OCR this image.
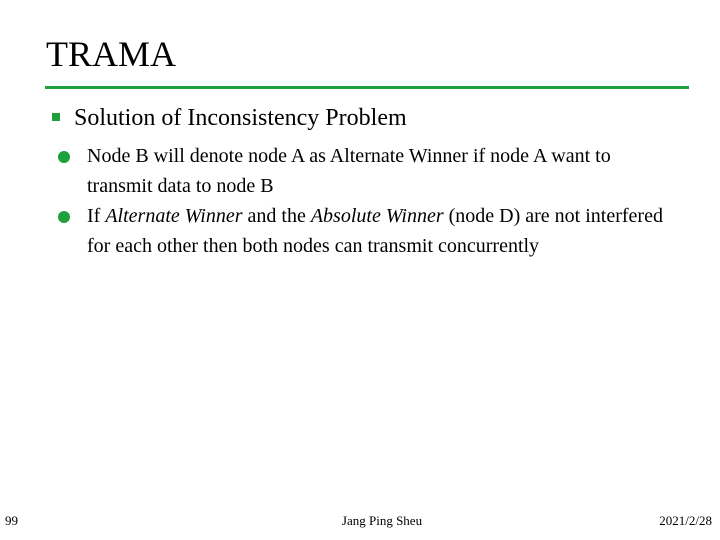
TRAMA
Solution of Inconsistency Problem
Node B will denote node A as Alternate Winner if node A want to transmit data to node B
If Alternate Winner and the Absolute Winner (node D) are not interfered for each other then both nodes can transmit concurrently
99	Jang Ping Sheu	2021/2/28
